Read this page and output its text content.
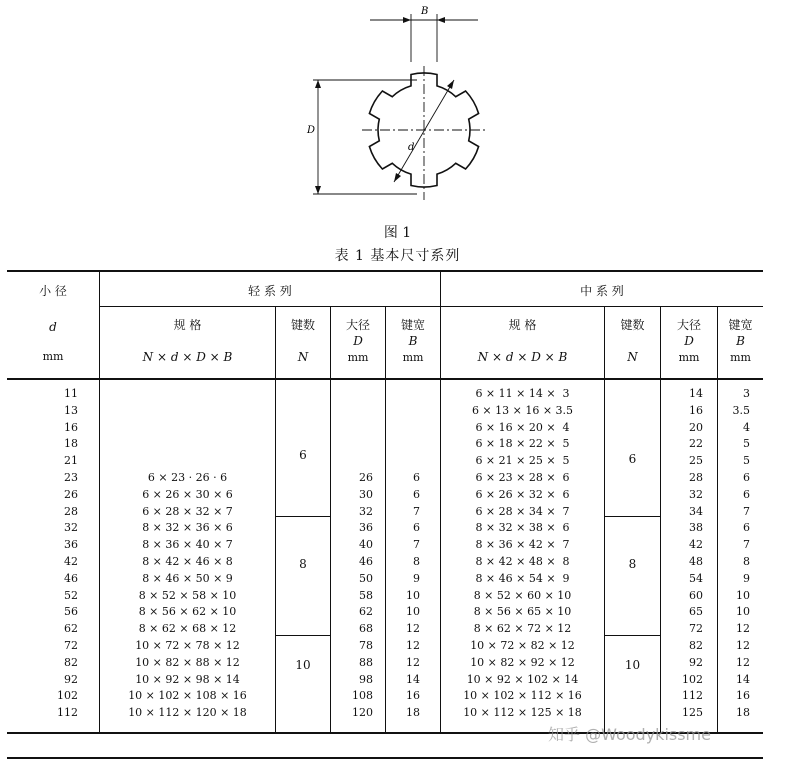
B
D
d
图 1
表 1 基本尺寸系列
小 径
d
mm
轻 系 列	中 系 列
规 格
N × d × D × B
键数
N
大径
D
mm
键宽
B
mm
规 格
N × d × D × B
键数
N
大径
D
mm
键宽
B
mm
11
13
16
18
21
23
26
28
32
36
42
46
52
56
62
72
82
92
102
112
6 × 23 · 26 · 6
6 × 26 × 30 × 6
6 × 28 × 32 × 7
8 × 32 × 36 × 6
8 × 36 × 40 × 7
8 × 42 × 46 × 8
8 × 46 × 50 × 9
8 × 52 × 58 × 10
8 × 56 × 62 × 10
8 × 62 × 68 × 12
10 × 72 × 78 × 12
10 × 82 × 88 × 12
10 × 92 × 98 × 14
10 × 102 × 108 × 16
10 × 112 × 120 × 18
26
30
32
36
40
46
50
58
62
68
78
88
98
108
120
6
6
7
6
7
8
9
10
10
12
12
12
14
16
18
6 × 11 × 14 ×  3
6 × 13 × 16 × 3.5
6 × 16 × 20 ×  4
6 × 18 × 22 ×  5
6 × 21 × 25 ×  5
6 × 23 × 28 ×  6
6 × 26 × 32 ×  6
6 × 28 × 34 ×  7
8 × 32 × 38 ×  6
8 × 36 × 42 ×  7
8 × 42 × 48 ×  8
8 × 46 × 54 ×  9
8 × 52 × 60 × 10
8 × 56 × 65 × 10
8 × 62 × 72 × 12
10 × 72 × 82 × 12
10 × 82 × 92 × 12
10 × 92 × 102 × 14
10 × 102 × 112 × 16
10 × 112 × 125 × 18
14
16
20
22
25
28
32
34
38
42
48
54
60
65
72
82
92
102
112
125
3
3.5
4
5
5
6
6
7
6
7
8
9
10
10
12
12
12
14
16
18
6
8
10
6
8
10
知乎 @Woodykissme
